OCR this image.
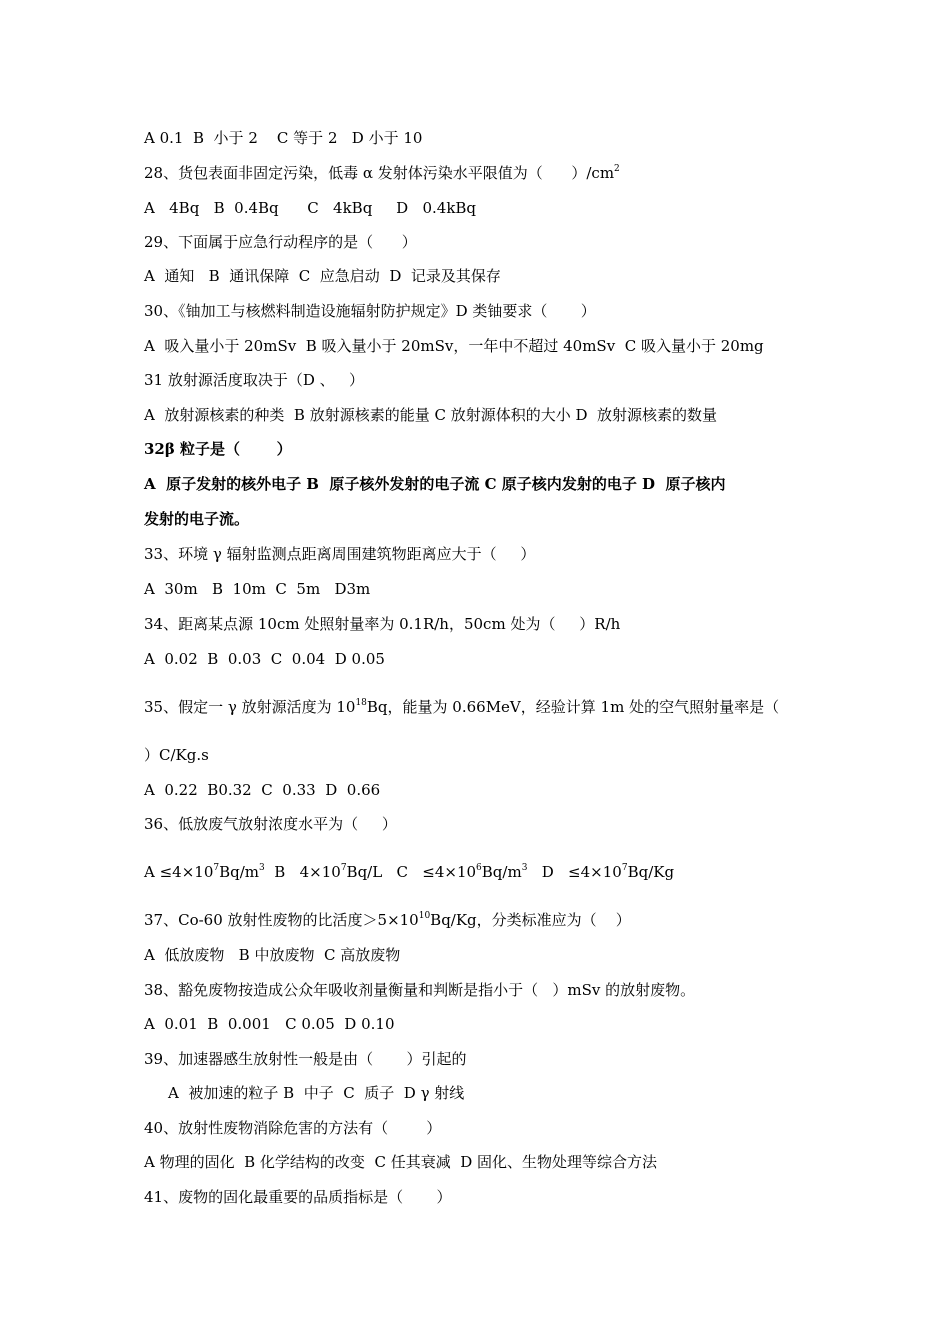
A 0.1  B  小于 2    C 等于 2   D 小于 10
28、货包表面非固定污染，低毒 α 发射体污染水平限值为（      ）$/cm^2$
A   4Bq   B  0.4Bq      C   4kBq     D   0.4kBq
29、下面属于应急行动程序的是（      ）
A  通知   B  通讯保障  C  应急启动  D  记录及其保存
30、《铀加工与核燃料制造设施辐射防护规定》D 类铀要求（       ）
A  吸入量小于 20mSv  B 吸入量小于 20mSv，一年中不超过 40mSv  C 吸入量小于 20mg
31 放射源活度取决于（D 、   ）
A  放射源核素的种类  B 放射源核素的能量 C 放射源体积的大小 D  放射源核素的数量
32β 粒子是（       ）
A  原子发射的核外电子 B  原子核外发射的电子流 C 原子核内发射的电子 D  原子核内
发射的电子流。
33、环境 γ 辐射监测点距离周围建筑物距离应大于（     ）
A  30m   B  10m  C  5m   D3m
34、距离某点源 10cm 处照射量率为 0.1R/h，50cm 处为（     ）R/h
A  0.02  B  0.03  C  0.04  D 0.05
35、假定一 γ 放射源活度为 $10^{18}Bq$，能量为 0.66MeV，经验计算 1m 处的空气照射量率是（
）C/Kg.s
A  0.22  B0.32  C  0.33  D  0.66
36、低放废气放射浓度水平为（     ）
$A \le 4\times 10^7Bq/m^3$  B   $4\times 10^7Bq/L$   $C \le 4\times 10^6Bq/m^3$   $D \le 4\times 10^7Bq/Kg$
37、Co-60 放射性废物的比活度$>5\times 10^{10}Bq/Kg$，分类标准应为（    ）
A  低放废物   B 中放废物  C 高放废物
38、豁免废物按造成公众年吸收剂量衡量和判断是指小于（   ）mSv 的放射废物。
A  0.01  B  0.001   C 0.05  D 0.10
39、加速器感生放射性一般是由（       ）引起的
A  被加速的粒子 B  中子  C  质子  D γ 射线
40、放射性废物消除危害的方法有（        ）
A 物理的固化  B 化学结构的改变  C 任其衰减  D 固化、生物处理等综合方法
41、废物的固化最重要的品质指标是（       ）
